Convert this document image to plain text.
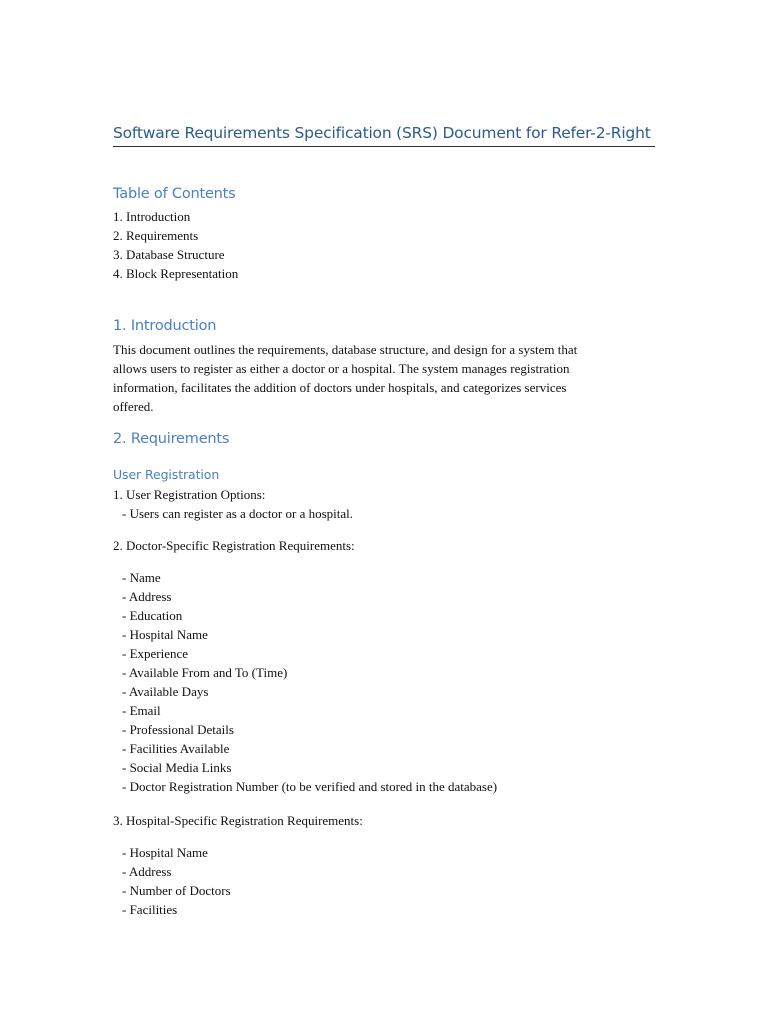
Software Requirements Specification (SRS) Document for Refer-2-Right
Table of Contents
1. Introduction
2. Requirements
3. Database Structure
4. Block Representation
1. Introduction
This document outlines the requirements, database structure, and design for a system that
allows users to register as either a doctor or a hospital. The system manages registration
information, facilitates the addition of doctors under hospitals, and categorizes services
offered.
2. Requirements
User Registration
1. User Registration Options:
- Users can register as a doctor or a hospital.
2. Doctor-Specific Registration Requirements:
- Name
- Address
- Education
- Hospital Name
- Experience
- Available From and To (Time)
- Available Days
- Email
- Professional Details
- Facilities Available
- Social Media Links
- Doctor Registration Number (to be verified and stored in the database)
3. Hospital-Specific Registration Requirements:
- Hospital Name
- Address
- Number of Doctors
- Facilities
